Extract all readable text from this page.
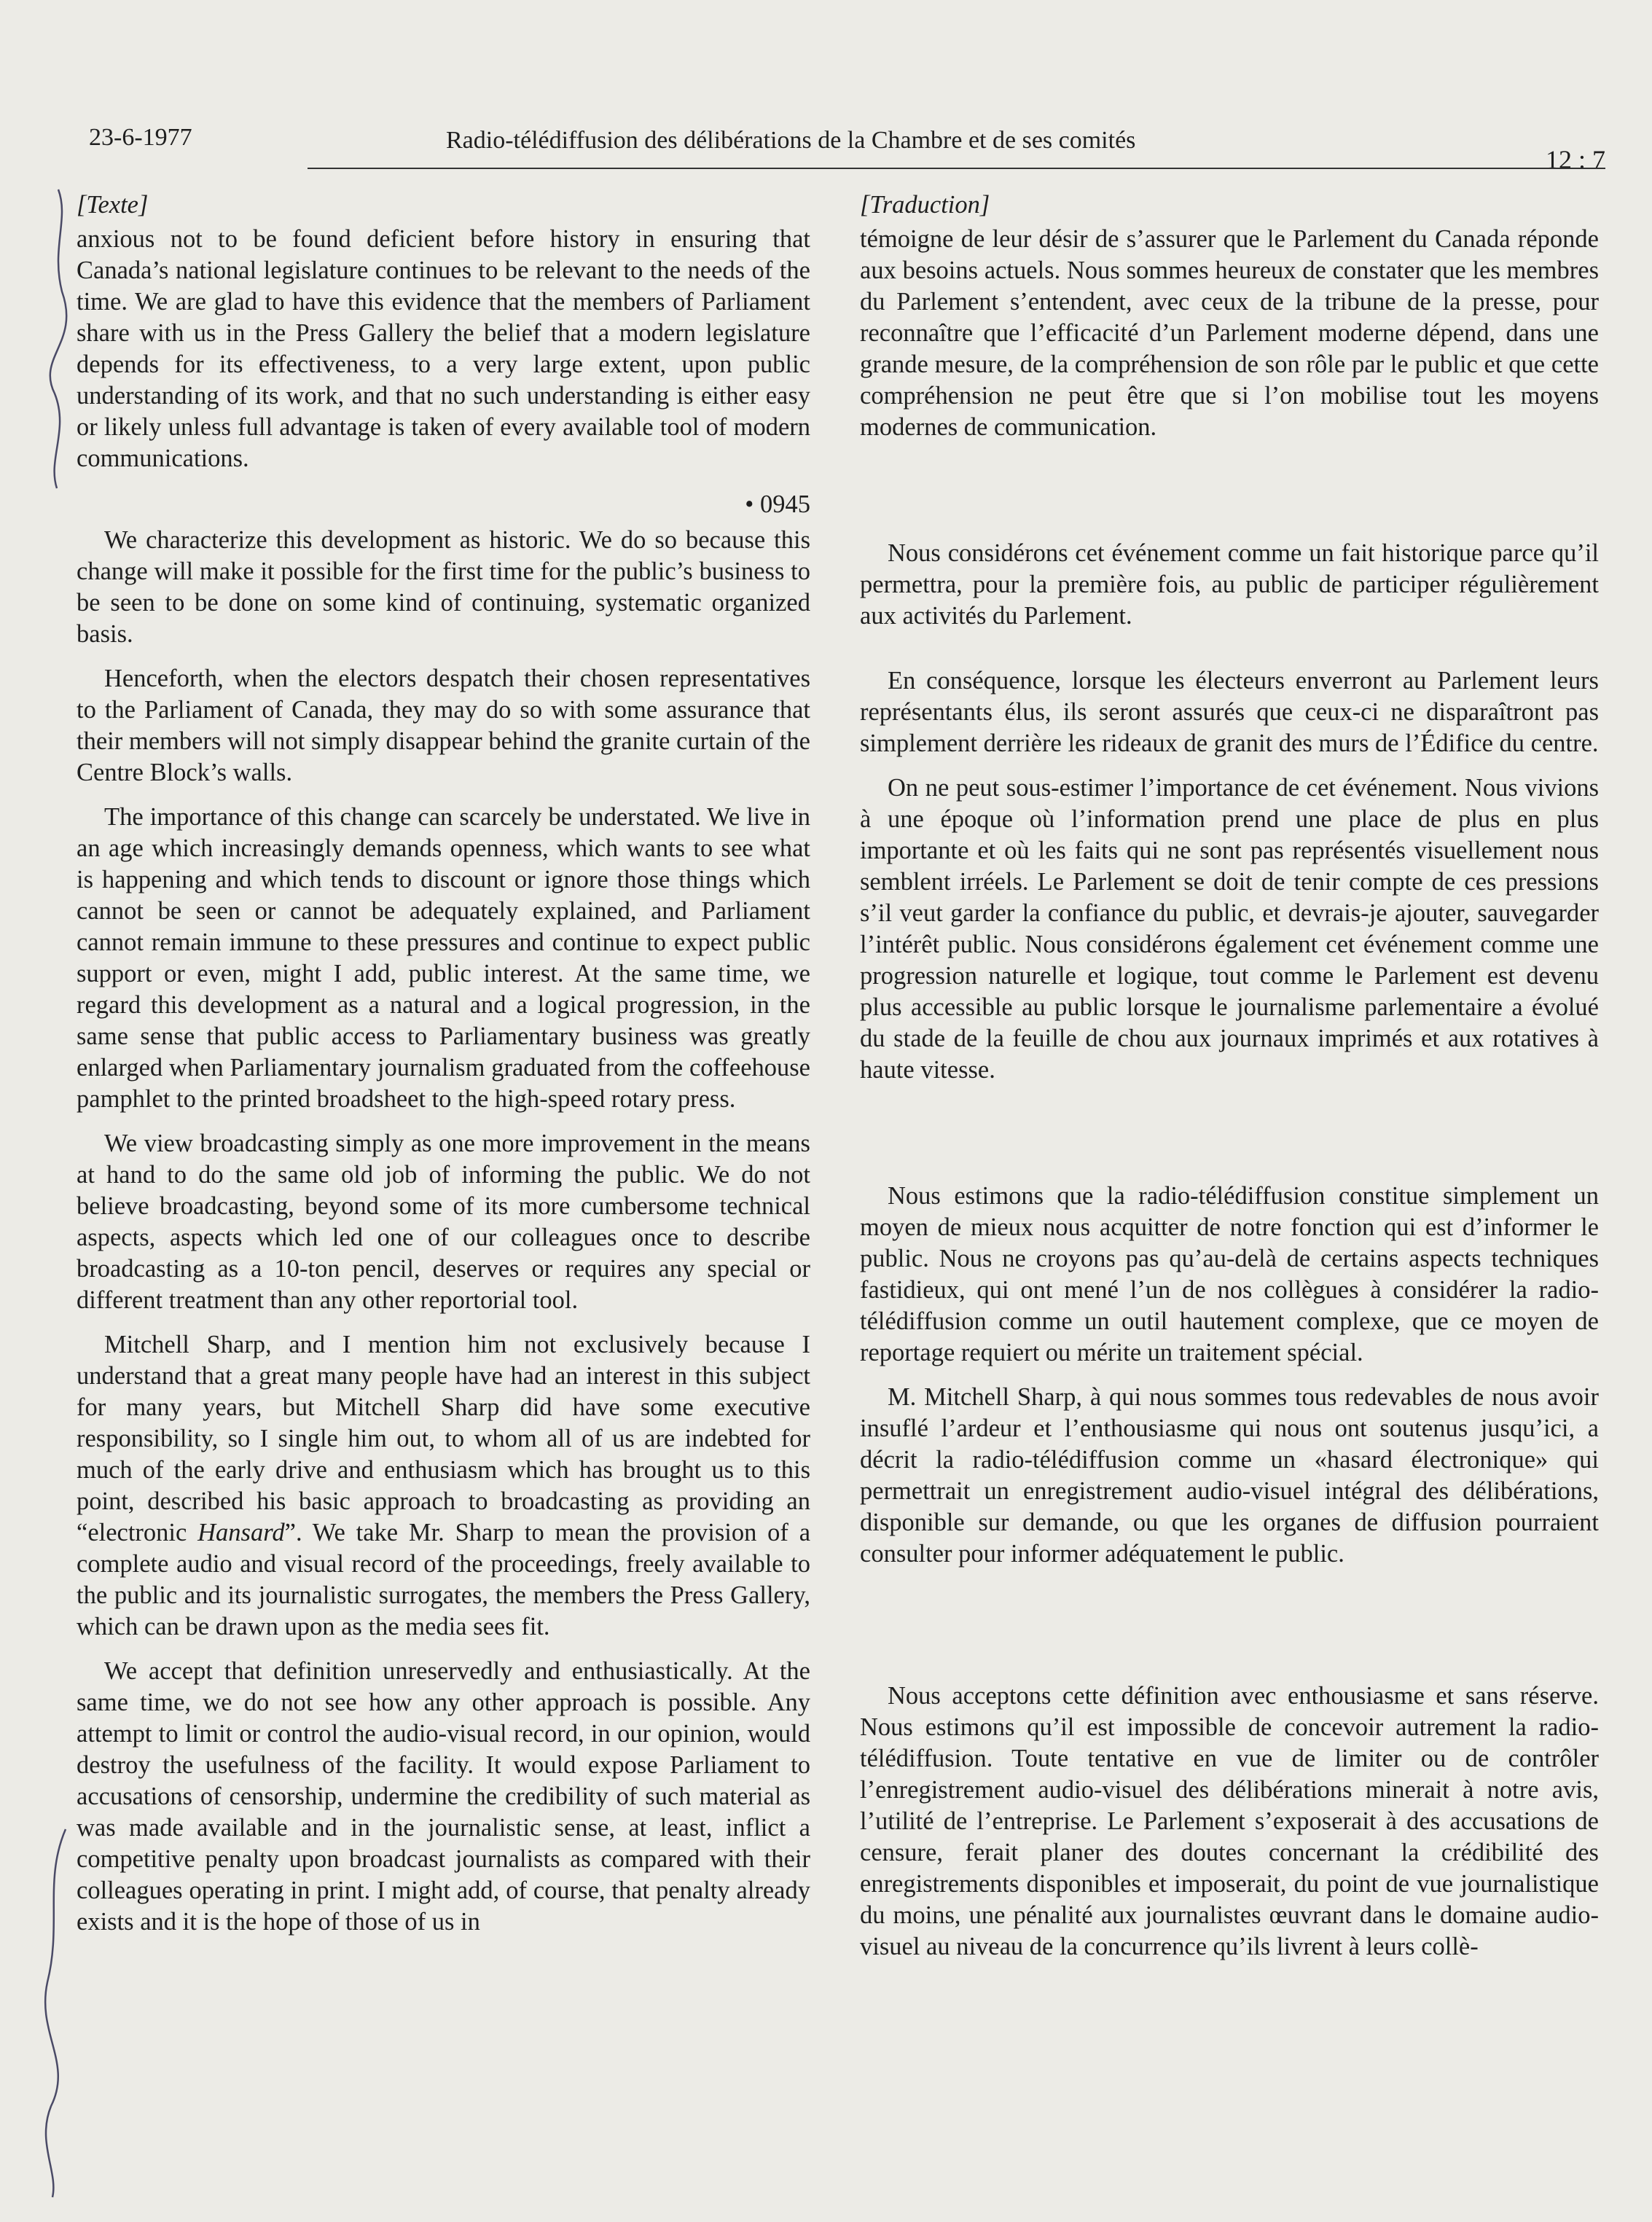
23-6-1977	Radio-télédiffusion des délibérations de la Chambre et de ses comités
12 : 7

[Texte]

anxious not to be found deficient before history in ensuring that Canada’s national legislature continues to be relevant to the needs of the time. We are glad to have this evidence that the members of Parliament share with us in the Press Gallery the belief that a modern legislature depends for its effectiveness, to a very large extent, upon public understanding of its work, and that no such understanding is either easy or likely unless full advantage is taken of every available tool of modern communications.

• 0945

We characterize this development as historic. We do so because this change will make it possible for the first time for the public’s business to be seen to be done on some kind of continuing, systematic organized basis.

Henceforth, when the electors despatch their chosen representatives to the Parliament of Canada, they may do so with some assurance that their members will not simply disappear behind the granite curtain of the Centre Block’s walls.

The importance of this change can scarcely be understated. We live in an age which increasingly demands openness, which wants to see what is happening and which tends to discount or ignore those things which cannot be seen or cannot be adequately explained, and Parliament cannot remain immune to these pressures and continue to expect public support or even, might I add, public interest. At the same time, we regard this development as a natural and a logical progression, in the same sense that public access to Parliamentary business was greatly enlarged when Parliamentary journalism graduated from the coffeehouse pamphlet to the printed broadsheet to the high-speed rotary press.

We view broadcasting simply as one more improvement in the means at hand to do the same old job of informing the public. We do not believe broadcasting, beyond some of its more cumbersome technical aspects, aspects which led one of our colleagues once to describe broadcasting as a 10-ton pencil, deserves or requires any special or different treatment than any other reportorial tool.

Mitchell Sharp, and I mention him not exclusively because I understand that a great many people have had an interest in this subject for many years, but Mitchell Sharp did have some executive responsibility, so I single him out, to whom all of us are indebted for much of the early drive and enthusiasm which has brought us to this point, described his basic approach to broadcasting as providing an “electronic Hansard”. We take Mr. Sharp to mean the provision of a complete audio and visual record of the proceedings, freely available to the public and its journalistic surrogates, the members the Press Gallery, which can be drawn upon as the media sees fit.

We accept that definition unreservedly and enthusiastically. At the same time, we do not see how any other approach is possible. Any attempt to limit or control the audio-visual record, in our opinion, would destroy the usefulness of the facility. It would expose Parliament to accusations of censorship, undermine the credibility of such material as was made available and in the journalistic sense, at least, inflict a competitive penalty upon broadcast journalists as compared with their colleagues operating in print. I might add, of course, that penalty already exists and it is the hope of those of us in

[Traduction]

témoigne de leur désir de s’assurer que le Parlement du Canada réponde aux besoins actuels. Nous sommes heureux de constater que les membres du Parlement s’entendent, avec ceux de la tribune de la presse, pour reconnaître que l’efficacité d’un Parlement moderne dépend, dans une grande mesure, de la compréhension de son rôle par le public et que cette compréhension ne peut être que si l’on mobilise tout les moyens modernes de communication.

Nous considérons cet événement comme un fait historique parce qu’il permettra, pour la première fois, au public de participer régulièrement aux activités du Parlement.

En conséquence, lorsque les électeurs enverront au Parlement leurs représentants élus, ils seront assurés que ceux-ci ne disparaîtront pas simplement derrière les rideaux de granit des murs de l’Édifice du centre.

On ne peut sous-estimer l’importance de cet événement. Nous vivions à une époque où l’information prend une place de plus en plus importante et où les faits qui ne sont pas représentés visuellement nous semblent irréels. Le Parlement se doit de tenir compte de ces pressions s’il veut garder la confiance du public, et devrais-je ajouter, sauvegarder l’intérêt public. Nous considérons également cet événement comme une progression naturelle et logique, tout comme le Parlement est devenu plus accessible au public lorsque le journalisme parlementaire a évolué du stade de la feuille de chou aux journaux imprimés et aux rotatives à haute vitesse.

Nous estimons que la radio-télédiffusion constitue simplement un moyen de mieux nous acquitter de notre fonction qui est d’informer le public. Nous ne croyons pas qu’au-delà de certains aspects techniques fastidieux, qui ont mené l’un de nos collègues à considérer la radio-télédiffusion comme un outil hautement complexe, que ce moyen de reportage requiert ou mérite un traitement spécial.

M. Mitchell Sharp, à qui nous sommes tous redevables de nous avoir insuflé l’ardeur et l’enthousiasme qui nous ont soutenus jusqu’ici, a décrit la radio-télédiffusion comme un «hasard électronique» qui permettrait un enregistrement audio-visuel intégral des délibérations, disponible sur demande, ou que les organes de diffusion pourraient consulter pour informer adéquatement le public.

Nous acceptons cette définition avec enthousiasme et sans réserve. Nous estimons qu’il est impossible de concevoir autrement la radio-télédiffusion. Toute tentative en vue de limiter ou de contrôler l’enregistrement audio-visuel des délibérations minerait à notre avis, l’utilité de l’entreprise. Le Parlement s’exposerait à des accusations de censure, ferait planer des doutes concernant la crédibilité des enregistrements disponibles et imposerait, du point de vue journalistique du moins, une pénalité aux journalistes œuvrant dans le domaine audio-visuel au niveau de la concurrence qu’ils livrent à leurs collè-
